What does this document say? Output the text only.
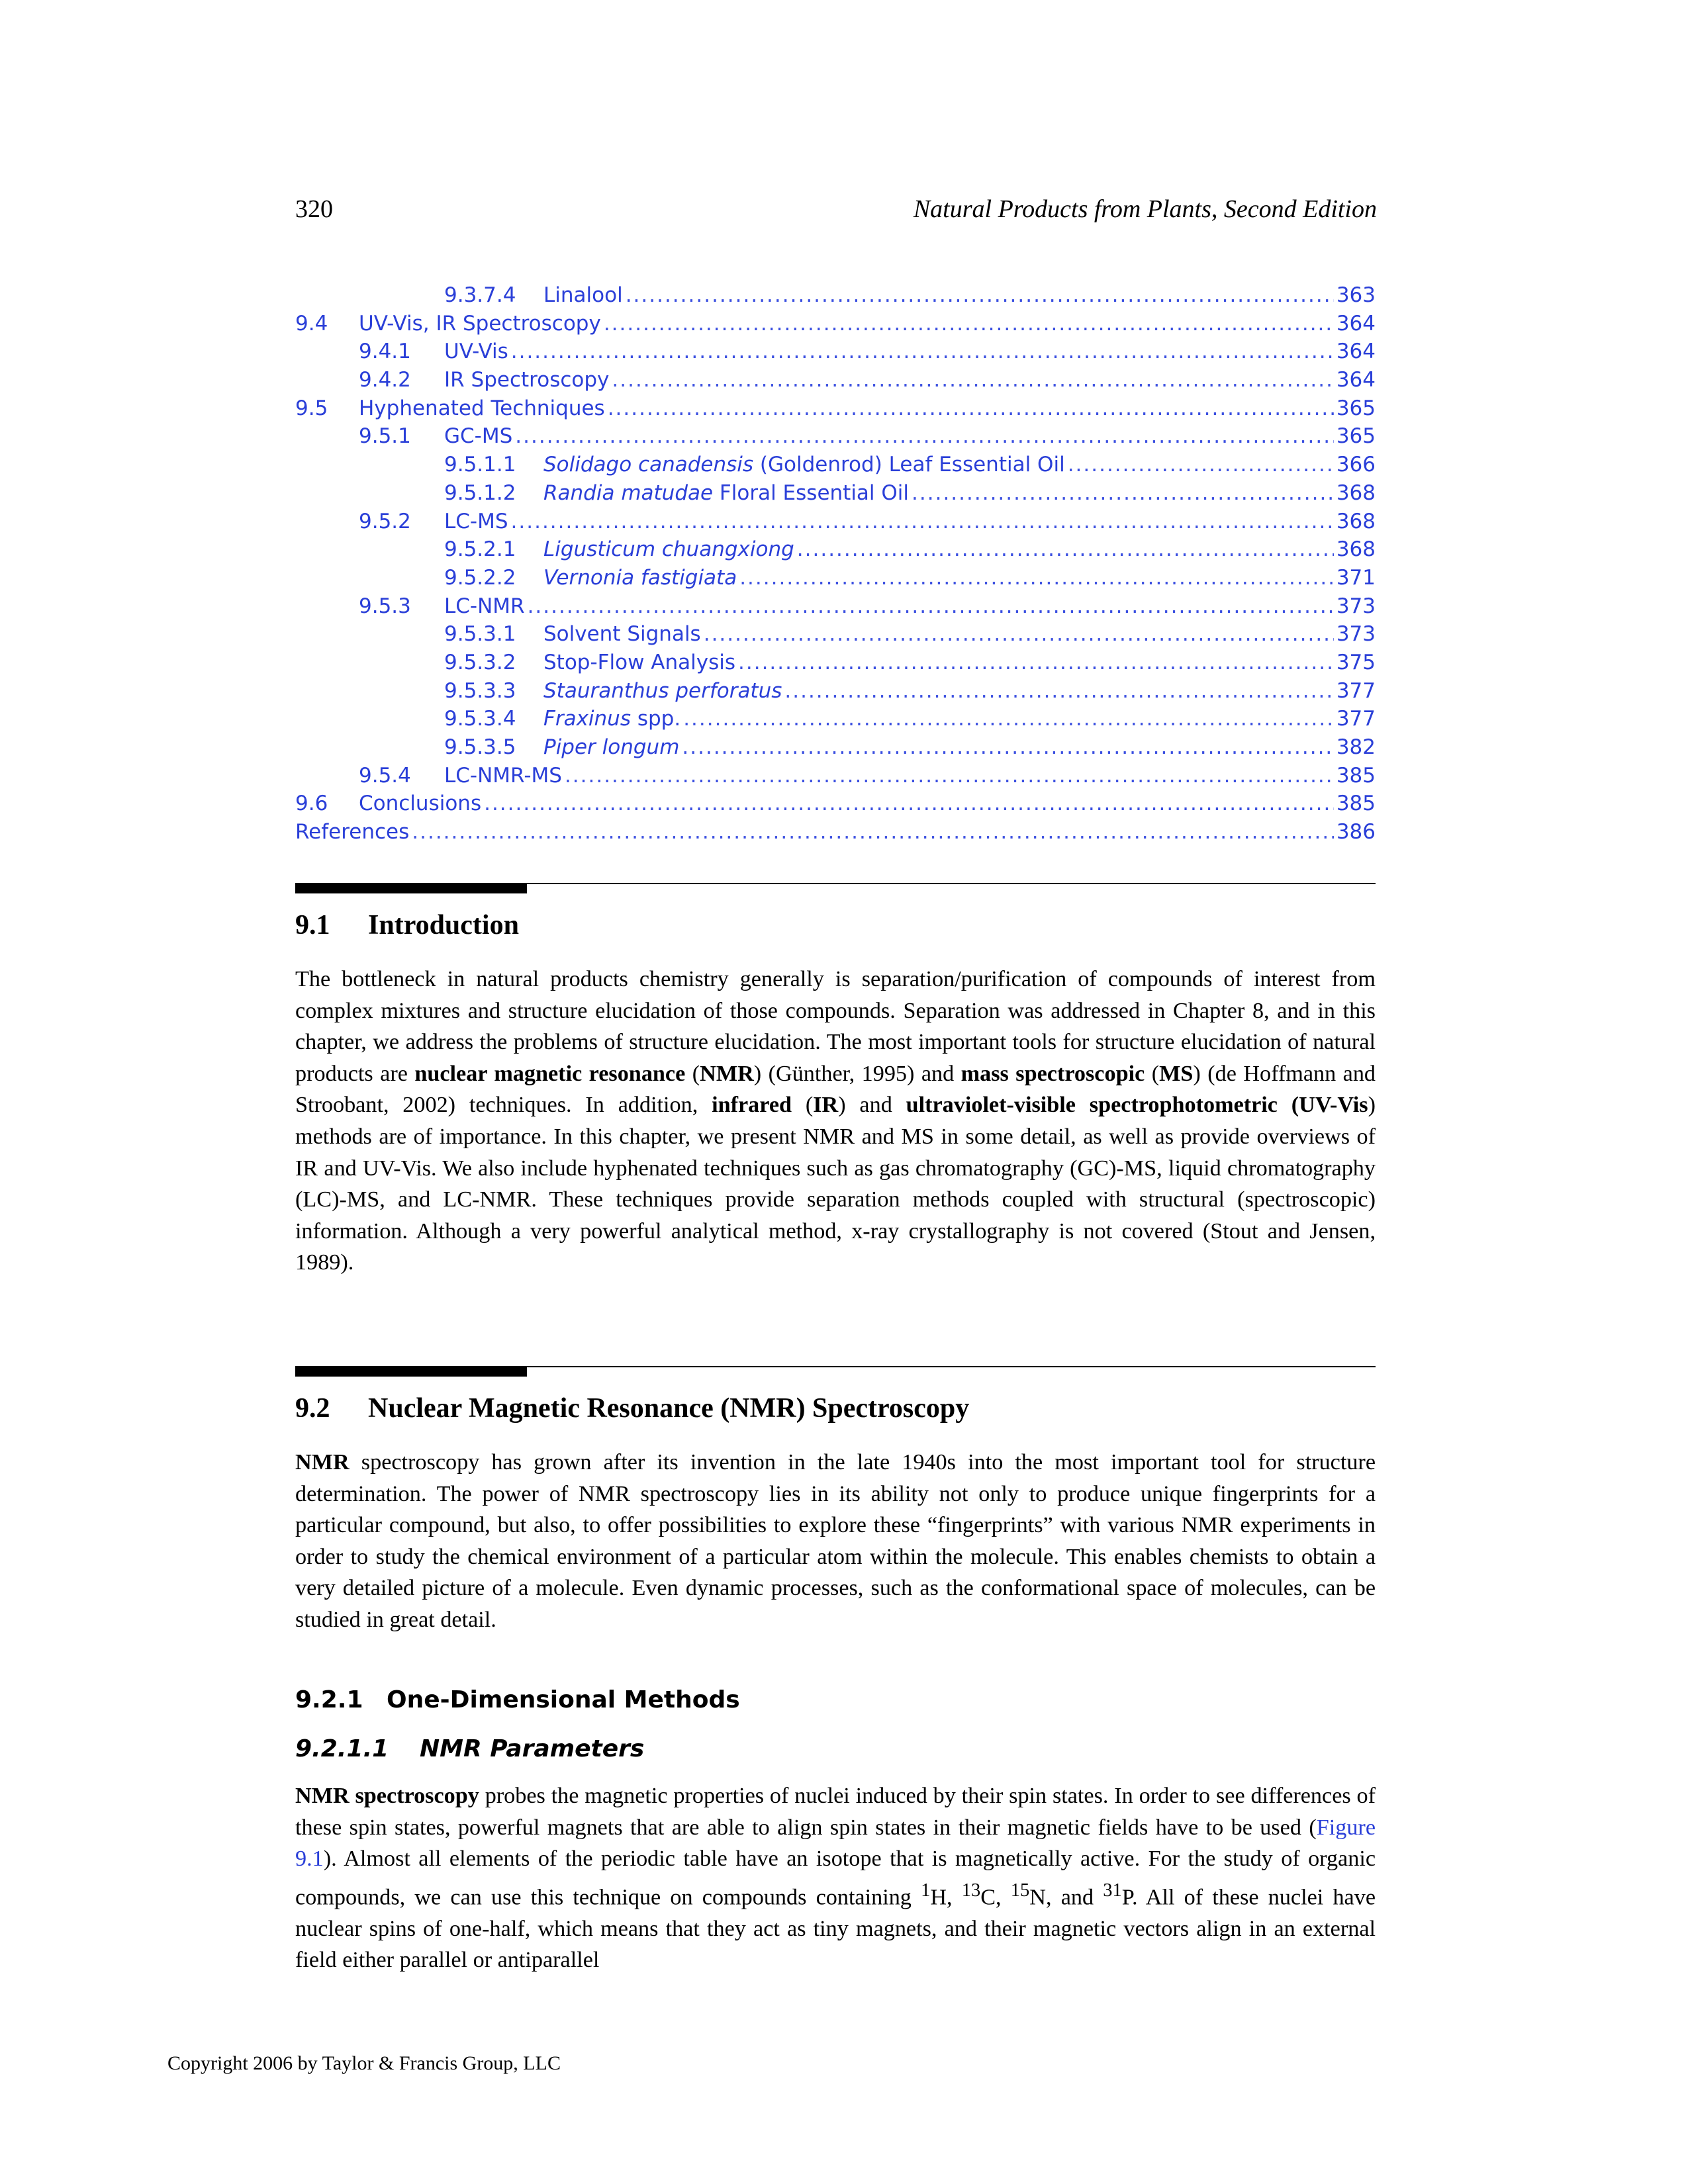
320	Natural Products from Plants, Second Edition
9.3.7.4	Linalool .....	363
9.4	UV-Vis, IR Spectroscopy .....	364
9.4.1	UV-Vis .....	364
9.4.2	IR Spectroscopy .....	364
9.5	Hyphenated Techniques .....	365
9.5.1	GC-MS .....	365
9.5.1.1	Solidago canadensis (Goldenrod) Leaf Essential Oil .....	366
9.5.1.2	Randia matudae Floral Essential Oil .....	368
9.5.2	LC-MS .....	368
9.5.2.1	Ligusticum chuangxiong .....	368
9.5.2.2	Vernonia fastigiata .....	371
9.5.3	LC-NMR .....	373
9.5.3.1	Solvent Signals .....	373
9.5.3.2	Stop-Flow Analysis .....	375
9.5.3.3	Stauranthus perforatus .....	377
9.5.3.4	Fraxinus spp. .....	377
9.5.3.5	Piper longum .....	382
9.5.4	LC-NMR-MS .....	385
9.6	Conclusions .....	385
References .....	386
9.1 Introduction
The bottleneck in natural products chemistry generally is separation/purification of compounds of interest from complex mixtures and structure elucidation of those compounds. Separation was addressed in Chapter 8, and in this chapter, we address the problems of structure elucidation. The most important tools for structure elucidation of natural products are nuclear magnetic resonance (NMR) (Günther, 1995) and mass spectroscopic (MS) (de Hoffmann and Stroobant, 2002) techniques. In addition, infrared (IR) and ultraviolet-visible spectrophotometric (UV-Vis) methods are of importance. In this chapter, we present NMR and MS in some detail, as well as provide overviews of IR and UV-Vis. We also include hyphenated techniques such as gas chromatography (GC)-MS, liquid chromatography (LC)-MS, and LC-NMR. These techniques provide separation methods coupled with structural (spectroscopic) information. Although a very powerful analytical method, x-ray crystallography is not covered (Stout and Jensen, 1989).
9.2 Nuclear Magnetic Resonance (NMR) Spectroscopy
NMR spectroscopy has grown after its invention in the late 1940s into the most important tool for structure determination. The power of NMR spectroscopy lies in its ability not only to produce unique fingerprints for a particular compound, but also, to offer possibilities to explore these “fingerprints” with various NMR experiments in order to study the chemical environment of a particular atom within the molecule. This enables chemists to obtain a very detailed picture of a molecule. Even dynamic processes, such as the conformational space of molecules, can be studied in great detail.
9.2.1 One-Dimensional Methods
9.2.1.1 NMR Parameters
NMR spectroscopy probes the magnetic properties of nuclei induced by their spin states. In order to see differences of these spin states, powerful magnets that are able to align spin states in their magnetic fields have to be used (Figure 9.1). Almost all elements of the periodic table have an isotope that is magnetically active. For the study of organic compounds, we can use this technique on compounds containing $^1$H, $^{13}$C, $^{15}$N, and $^{31}$P. All of these nuclei have nuclear spins of one-half, which means that they act as tiny magnets, and their magnetic vectors align in an external field either parallel or antiparallel
Copyright 2006 by Taylor & Francis Group, LLC
